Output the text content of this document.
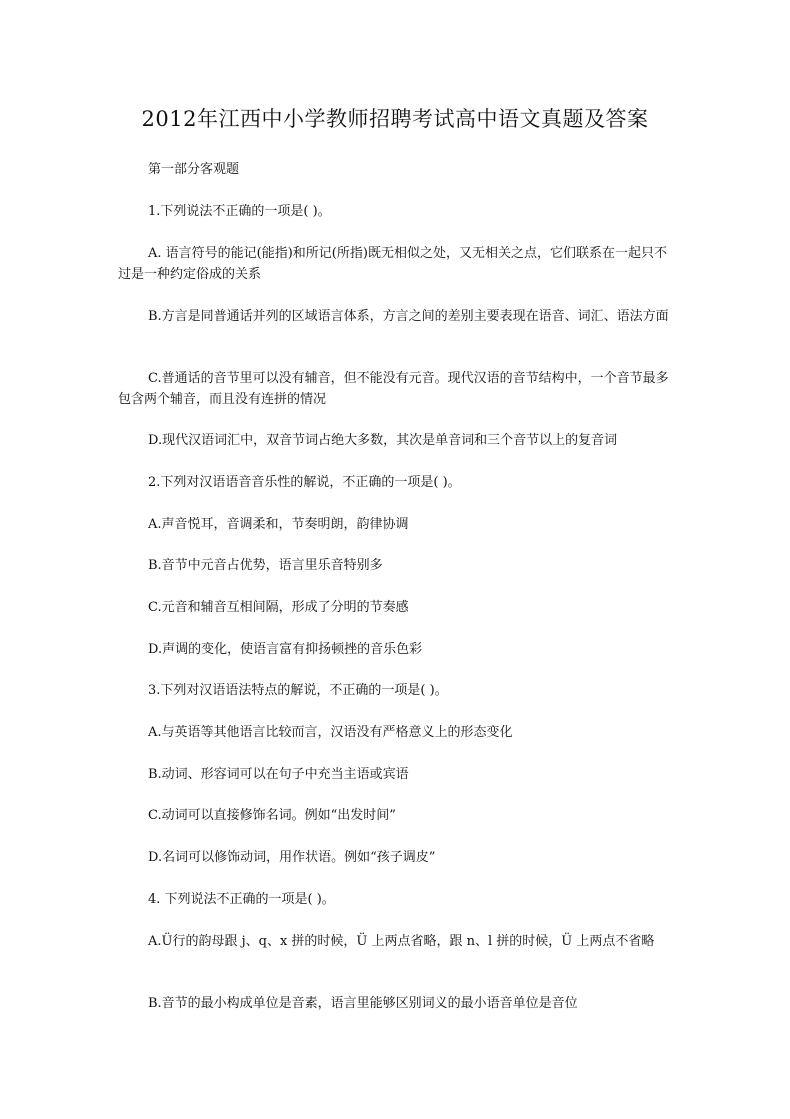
2012年江西中小学教师招聘考试高中语文真题及答案
第一部分客观题
1.下列说法不正确的一项是( )。
A. 语言符号的能记(能指)和所记(所指)既无相似之处，又无相关之点，它们联系在一起只不过是一种约定俗成的关系
B.方言是同普通话并列的区域语言体系，方言之间的差别主要表现在语音、词汇、语法方面
C.普通话的音节里可以没有辅音，但不能没有元音。现代汉语的音节结构中，一个音节最多包含两个辅音，而且没有连拼的情况
D.现代汉语词汇中，双音节词占绝大多数，其次是单音词和三个音节以上的复音词
2.下列对汉语语音音乐性的解说，不正确的一项是( )。
A.声音悦耳，音调柔和，节奏明朗，韵律协调
B.音节中元音占优势，语言里乐音特别多
C.元音和辅音互相间隔，形成了分明的节奏感
D.声调的变化，使语言富有抑扬顿挫的音乐色彩
3.下列对汉语语法特点的解说，不正确的一项是( )。
A.与英语等其他语言比较而言，汉语没有严格意义上的形态变化
B.动词、形容词可以在句子中充当主语或宾语
C.动词可以直接修饰名词。例如“出发时间”
D.名词可以修饰动词，用作状语。例如“孩子调皮”
4. 下列说法不正确的一项是( )。
A.Ü行的韵母跟 j、q、x 拼的时候，Ü 上两点省略，跟 n、l 拼的时候，Ü 上两点不省略
B.音节的最小构成单位是音素，语言里能够区别词义的最小语音单位是音位
